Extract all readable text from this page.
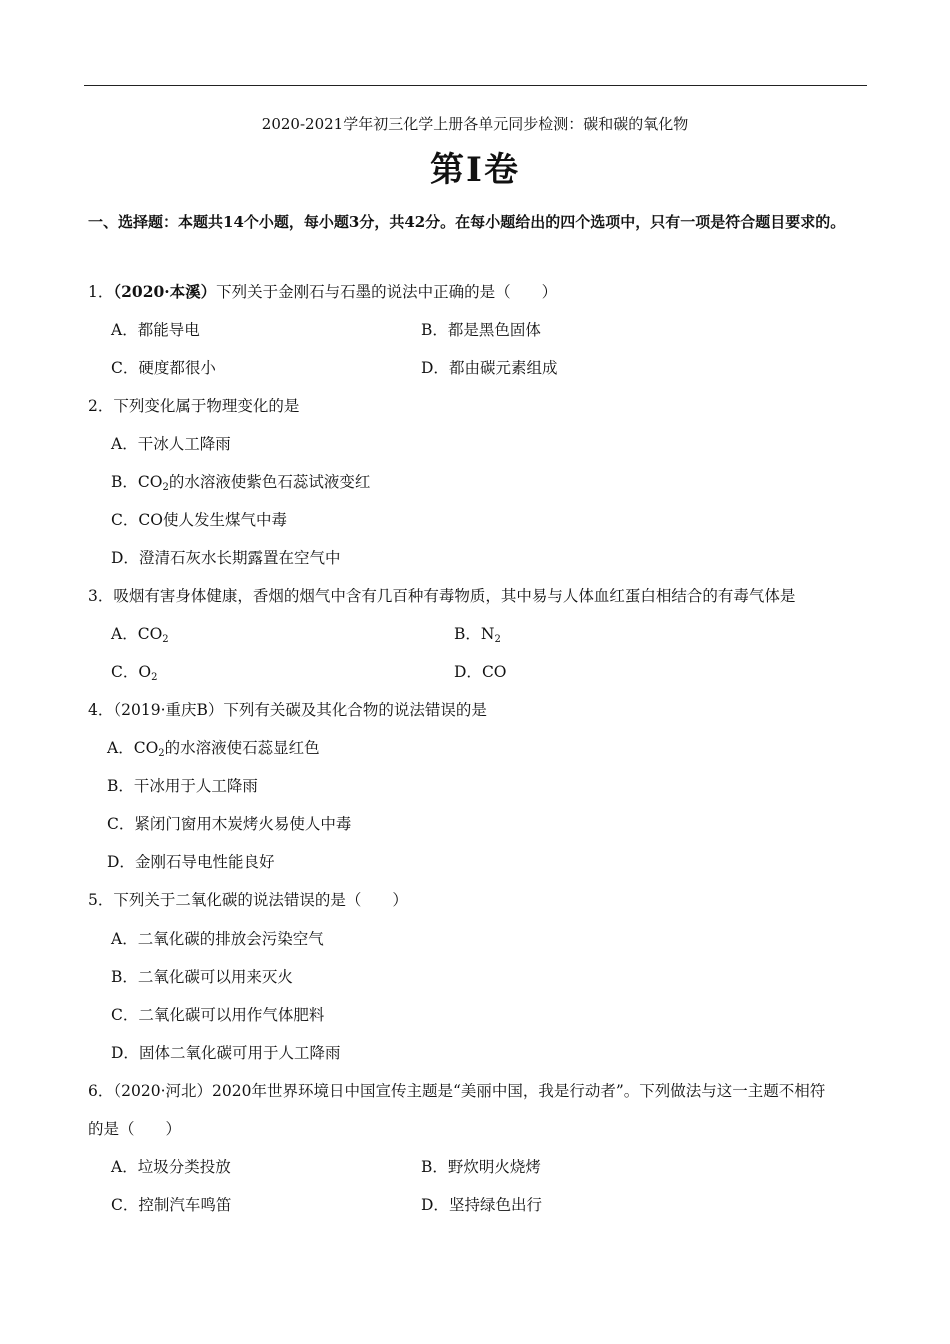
2020-2021学年初三化学上册各单元同步检测：碳和碳的氧化物
第I卷
一、选择题：本题共14个小题，每小题3分，共42分。在每小题给出的四个选项中，只有一项是符合题目要求的。
1．（2020·本溪）下列关于金刚石与石墨的说法中正确的是（　　）
A．都能导电	B．都是黑色固体
C．硬度都很小	D．都由碳元素组成
2．下列变化属于物理变化的是
A．干冰人工降雨
B．$CO_2$的水溶液使紫色石蕊试液变红
C．CO使人发生煤气中毒
D．澄清石灰水长期露置在空气中
3．吸烟有害身体健康，香烟的烟气中含有几百种有毒物质，其中易与人体血红蛋白相结合的有毒气体是
A．$CO_2$	B．$N_2$
C．$O_2$	D．CO
4．（2019·重庆B）下列有关碳及其化合物的说法错误的是
A．$CO_2$的水溶液使石蕊显红色
B．干冰用于人工降雨
C．紧闭门窗用木炭烤火易使人中毒
D．金刚石导电性能良好
5．下列关于二氧化碳的说法错误的是（　　）
A．二氧化碳的排放会污染空气
B．二氧化碳可以用来灭火
C．二氧化碳可以用作气体肥料
D．固体二氧化碳可用于人工降雨
6．（2020·河北）2020年世界环境日中国宣传主题是“美丽中国，我是行动者”。下列做法与这一主题不相符
的是（　　）
A．垃圾分类投放	B．野炊明火烧烤
C．控制汽车鸣笛	D．坚持绿色出行
